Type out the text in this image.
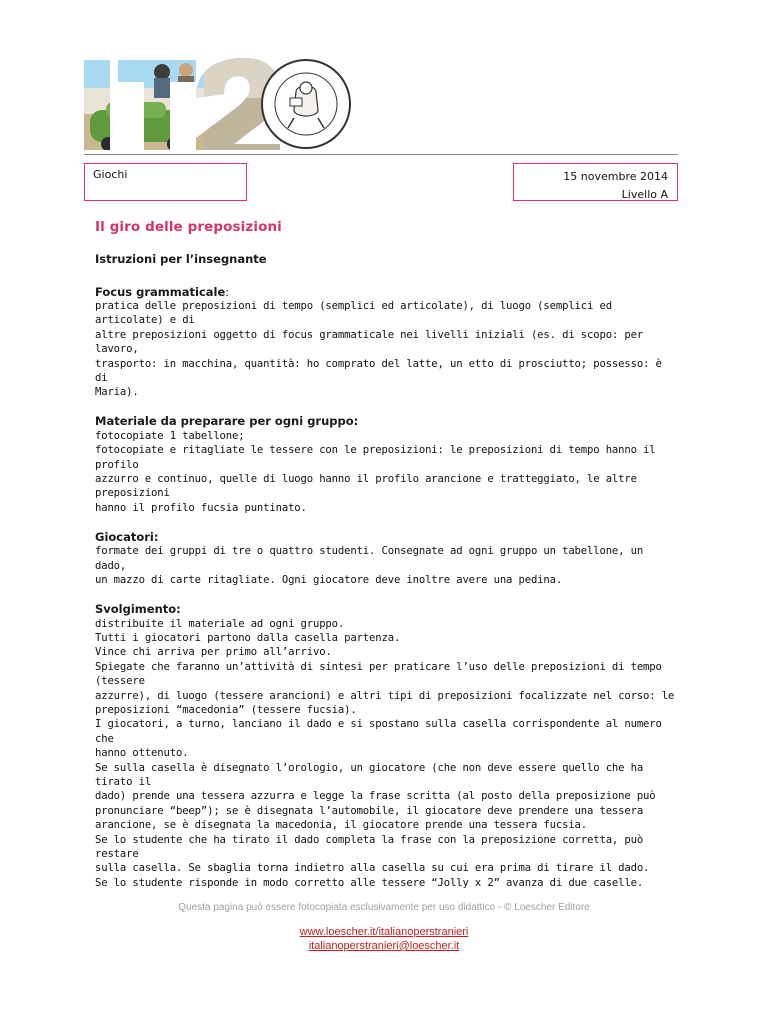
Giochi	15 novembre 2014
Livello A
Il giro delle preposizioni
Istruzioni per l’insegnante
Focus grammaticale:

pratica delle preposizioni di tempo (semplici ed articolate), di luogo (semplici ed articolate) e di

altre preposizioni oggetto di focus grammaticale nei livelli iniziali (es. di scopo: per lavoro,

trasporto: in macchina, quantità: ho comprato del latte, un etto di prosciutto; possesso: è di

Maria).

Materiale da preparare per ogni gruppo:

fotocopiate 1 tabellone;

fotocopiate e ritagliate le tessere con le preposizioni: le preposizioni di tempo hanno il profilo

azzurro e continuo, quelle di luogo hanno il profilo arancione e tratteggiato, le altre preposizioni

hanno il profilo fucsia puntinato.

Giocatori:

formate dei gruppi di tre o quattro studenti. Consegnate ad ogni gruppo un tabellone, un dado,

un mazzo di carte ritagliate. Ogni giocatore deve inoltre avere una pedina.

Svolgimento:

distribuite il materiale ad ogni gruppo.

Tutti i giocatori partono dalla casella partenza.

Vince chi arriva per primo all’arrivo.

Spiegate che faranno un’attività di sintesi per praticare l’uso delle preposizioni di tempo (tessere

azzurre), di luogo (tessere arancioni) e altri tipi di preposizioni focalizzate nel corso: le

preposizioni “macedonia” (tessere fucsia).

I giocatori, a turno, lanciano il dado e si spostano sulla casella corrispondente al numero che

hanno ottenuto.

Se sulla casella è disegnato l’orologio, un giocatore (che non deve essere quello che ha tirato il

dado) prende una tessera azzurra e legge la frase scritta (al posto della preposizione può

pronunciare “beep”); se è disegnata l’automobile, il giocatore deve prendere una tessera

arancione, se è disegnata la macedonia, il giocatore prende una tessera fucsia.

Se lo studente che ha tirato il dado completa la frase con la preposizione corretta, può restare

sulla casella. Se sbaglia torna indietro alla casella su cui era prima di tirare il dado.

Se lo studente risponde in modo corretto alle tessere “Jolly x 2” avanza di due caselle.

Questa pagina può essere fotocopiata esclusivamente per uso didattico - © Loescher Editore
www.loescher.it/italianoperstranieri
italianoperstranieri@loescher.it
